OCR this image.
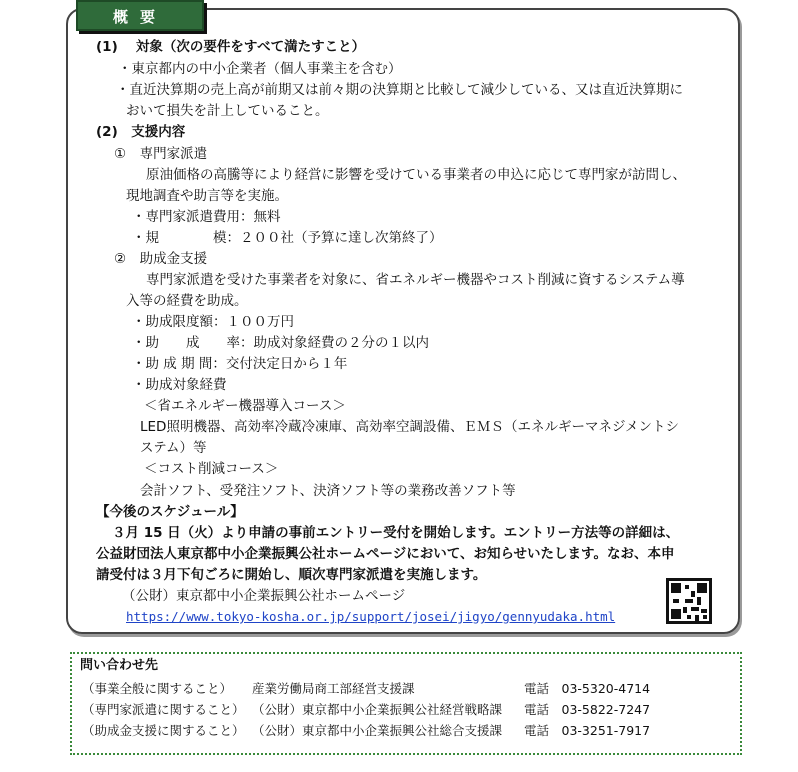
概要
(1)　 対象（次の要件をすべて満たすこと）
・東京都内の中小企業者（個人事業主を含む）
・直近決算期の売上高が前期又は前々期の決算期と比較して減少している、又は直近決算期に
おいて損失を計上していること。
(2)　支援内容
①　専門家派遣
原油価格の高騰等により経営に影響を受けている事業者の申込に応じて専門家が訪問し、
現地調査や助言等を実施。
・専門家派遣費用：無料
・規　　　　模：２００社（予算に達し次第終了）
②　助成金支援
専門家派遣を受けた事業者を対象に、省エネルギー機器やコスト削減に資するシステム導
入等の経費を助成。
・助成限度額：１００万円
・助　　成　　率：助成対象経費の２分の１以内
・助 成 期 間：交付決定日から１年
・助成対象経費
＜省エネルギー機器導入コース＞
LED照明機器、高効率冷蔵冷凍庫、高効率空調設備、ＥＭＳ（エネルギーマネジメントシ
ステム）等
＜コスト削減コース＞
会計ソフト、受発注ソフト、決済ソフト等の業務改善ソフト等
【今後のスケジュール】
３月 15 日（火）より申請の事前エントリー受付を開始します。エントリー方法等の詳細は、
公益財団法人東京都中小企業振興公社ホームページにおいて、お知らせいたします。なお、本申
請受付は３月下旬ごろに開始し、順次専門家派遣を実施します。
（公財）東京都中小企業振興公社ホームページ
https://www.tokyo-kosha.or.jp/support/josei/jigyo/gennyudaka.html
問い合わせ先
（事業全般に関すること） 産業労働局商工部経営支援課	電話　03-5320-4714
（専門家派遣に関すること） （公財）東京都中小企業振興公社経営戦略課 電話　03-5822-7247
（助成金支援に関すること） （公財）東京都中小企業振興公社総合支援課 電話　03-3251-7917
